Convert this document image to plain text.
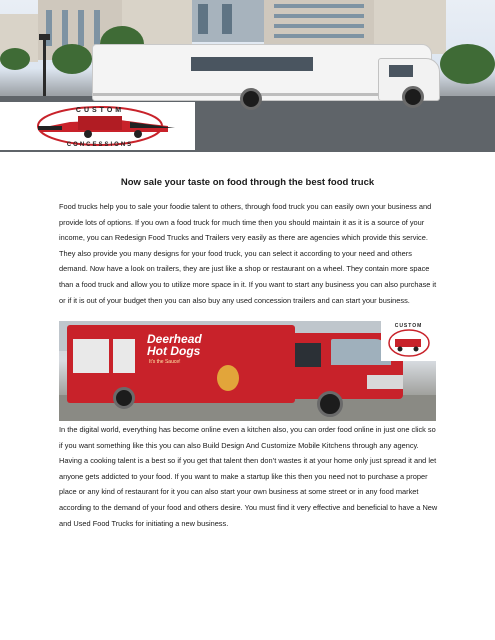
CUSTOM
CONCESSIONS
Now sale your taste on food through the best food truck

Food trucks help you to sale your foodie talent to others, through food truck you can easily own your business and provide lots of options. If you own a food truck for much time then you should maintain it as it is a source of your income, you can Redesign Food Trucks and Trailers very easily as there are agencies which provide this service. They also provide you many designs for your food truck, you can select it according to your need and others demand. Now have a look on trailers, they are just like a shop or restaurant on a wheel. They contain more space than a food truck and allow you to utilize more space in it. If you want to start any business you can also purchase it or if it is out of your budget then you can also buy any used concession trailers and can start your business.

Deerhead
Hot Dogs
It's the Sauce!
CUSTOM

In the digital world, everything has become online even a kitchen also, you can order food online in just one click so if you want something like this you can also Build Design And Customize Mobile Kitchens through any agency. Having a cooking talent is a best so if you get that talent then don’t wastes it at your home only just spread it and let anyone gets addicted to your food. If you want to make a startup like this then you need not to purchase a proper place or any kind of restaurant for it you can also start your own business at some street or in any food market according to the demand of your food and others desire. You must find it very effective and beneficial to have a New and Used Food Trucks for initiating a new business.
